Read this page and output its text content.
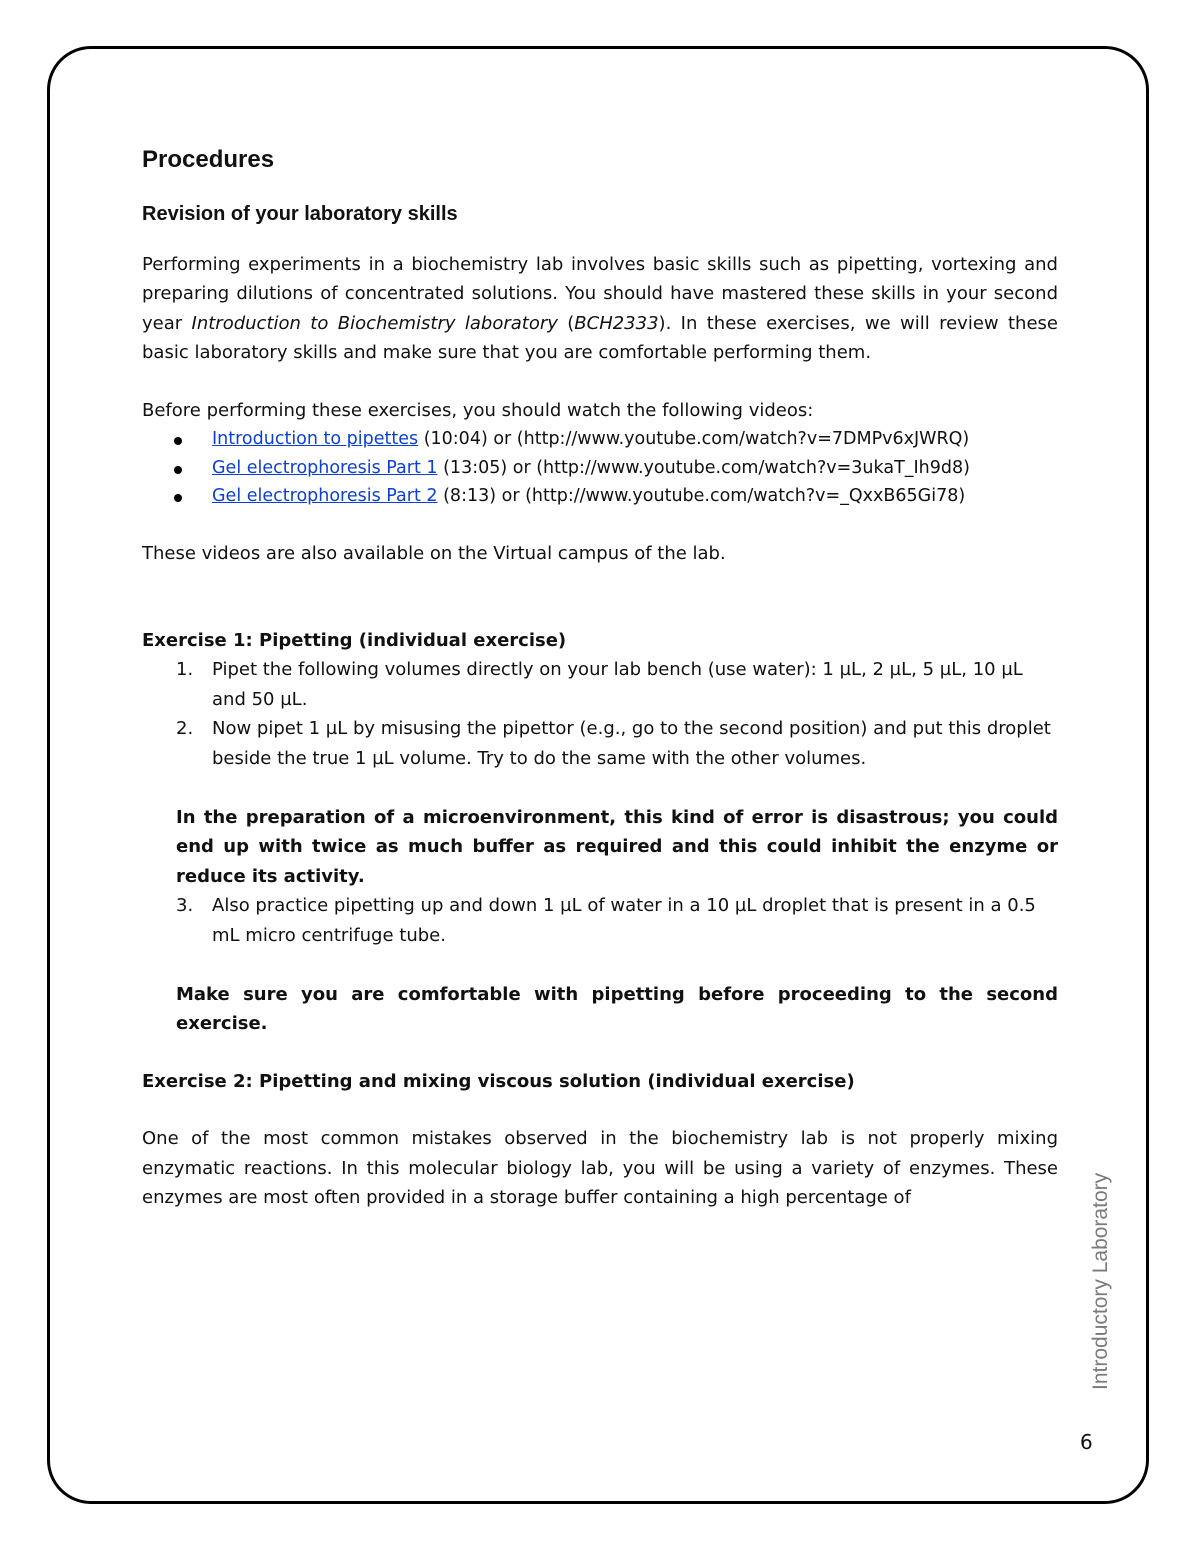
Procedures
Revision of your laboratory skills

Performing experiments in a biochemistry lab involves basic skills such as pipetting, vortexing and preparing dilutions of concentrated solutions. You should have mastered these skills in your second year Introduction to Biochemistry laboratory (BCH2333). In these exercises, we will review these basic laboratory skills and make sure that you are comfortable performing them.

Before performing these exercises, you should watch the following videos:

Introduction to pipettes (10:04) or (http://www.youtube.com/watch?v=7DMPv6xJWRQ)
Gel electrophoresis Part 1 (13:05) or (http://www.youtube.com/watch?v=3ukaT_Ih9d8)
Gel electrophoresis Part 2 (8:13) or (http://www.youtube.com/watch?v=_QxxB65Gi78)

These videos are also available on the Virtual campus of the lab.

Exercise 1: Pipetting (individual exercise)

1. Pipet the following volumes directly on your lab bench (use water): 1 µL, 2 µL, 5 µL, 10 µL and 50 µL.
2. Now pipet 1 µL by misusing the pipettor (e.g., go to the second position) and put this droplet beside the true 1 µL volume. Try to do the same with the other volumes.

In the preparation of a microenvironment, this kind of error is disastrous; you could end up with twice as much buffer as required and this could inhibit the enzyme or reduce its activity.

3. Also practice pipetting up and down 1 µL of water in a 10 µL droplet that is present in a 0.5 mL micro centrifuge tube.

Make sure you are comfortable with pipetting before proceeding to the second exercise.

Exercise 2: Pipetting and mixing viscous solution (individual exercise)

One of the most common mistakes observed in the biochemistry lab is not properly mixing enzymatic reactions. In this molecular biology lab, you will be using a variety of enzymes. These enzymes are most often provided in a storage buffer containing a high percentage of	Introductory Laboratory
6
